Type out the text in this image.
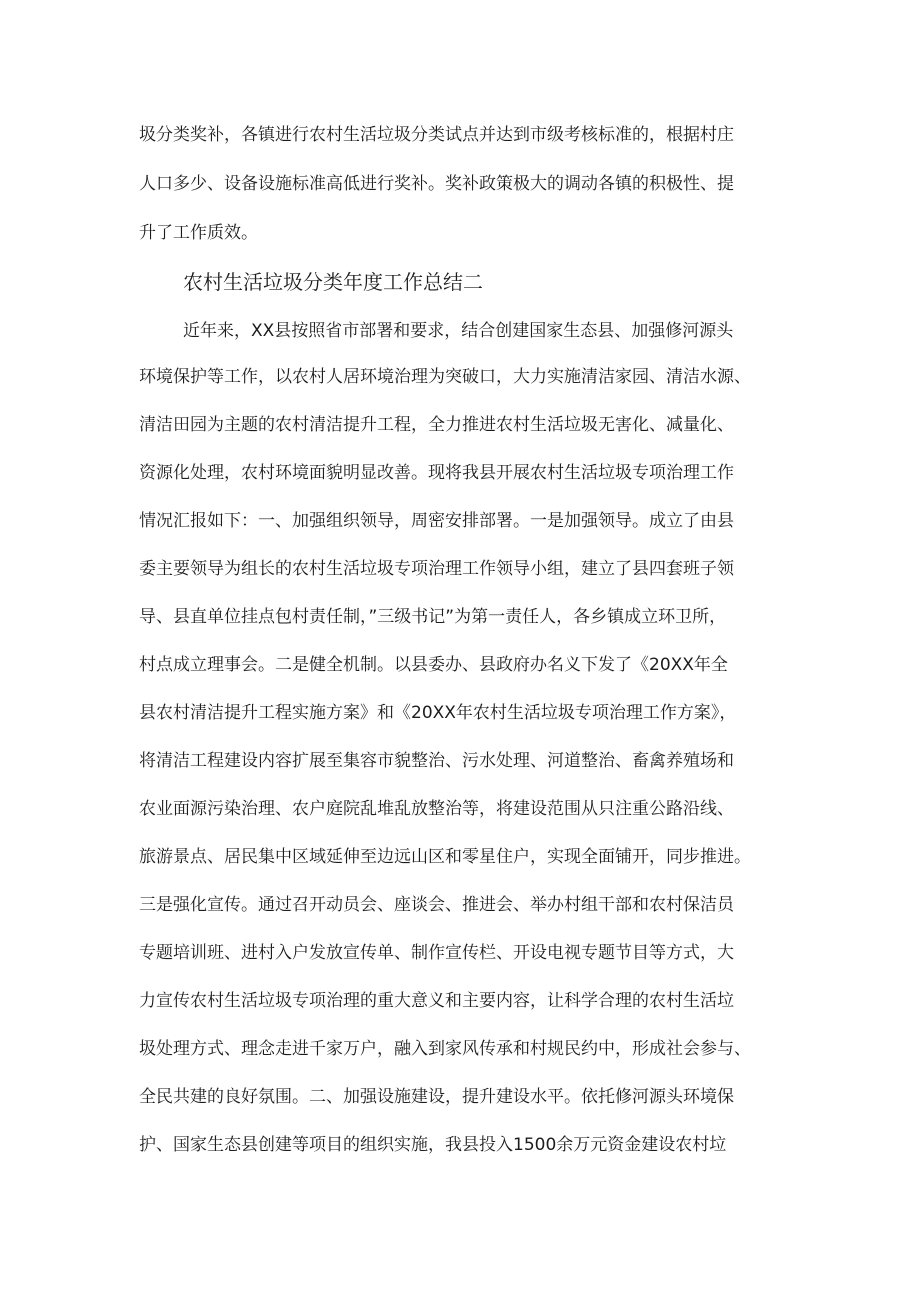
圾分类奖补，各镇进行农村生活垃圾分类试点并达到市级考核标准的，根据村庄
人口多少、设备设施标准高低进行奖补。奖补政策极大的调动各镇的积极性、提
升了工作质效。
农村生活垃圾分类年度工作总结二
近年来，XX县按照省市部署和要求，结合创建国家生态县、加强修河源头
环境保护等工作，以农村人居环境治理为突破口，大力实施清洁家园、清洁水源、
清洁田园为主题的农村清洁提升工程，全力推进农村生活垃圾无害化、减量化、
资源化处理，农村环境面貌明显改善。现将我县开展农村生活垃圾专项治理工作
情况汇报如下：一、加强组织领导，周密安排部署。一是加强领导。成立了由县
委主要领导为组长的农村生活垃圾专项治理工作领导小组，建立了县四套班子领
导、县直单位挂点包村责任制，”三级书记”为第一责任人，各乡镇成立环卫所，
村点成立理事会。二是健全机制。以县委办、县政府办名义下发了《20XX年全
县农村清洁提升工程实施方案》和《20XX年农村生活垃圾专项治理工作方案》，
将清洁工程建设内容扩展至集容市貌整治、污水处理、河道整治、畜禽养殖场和
农业面源污染治理、农户庭院乱堆乱放整治等，将建设范围从只注重公路沿线、
旅游景点、居民集中区域延伸至边远山区和零星住户，实现全面铺开，同步推进。
三是强化宣传。通过召开动员会、座谈会、推进会、举办村组干部和农村保洁员
专题培训班、进村入户发放宣传单、制作宣传栏、开设电视专题节目等方式，大
力宣传农村生活垃圾专项治理的重大意义和主要内容，让科学合理的农村生活垃
圾处理方式、理念走进千家万户，融入到家风传承和村规民约中，形成社会参与、
全民共建的良好氛围。二、加强设施建设，提升建设水平。依托修河源头环境保
护、国家生态县创建等项目的组织实施，我县投入1500余万元资金建设农村垃
